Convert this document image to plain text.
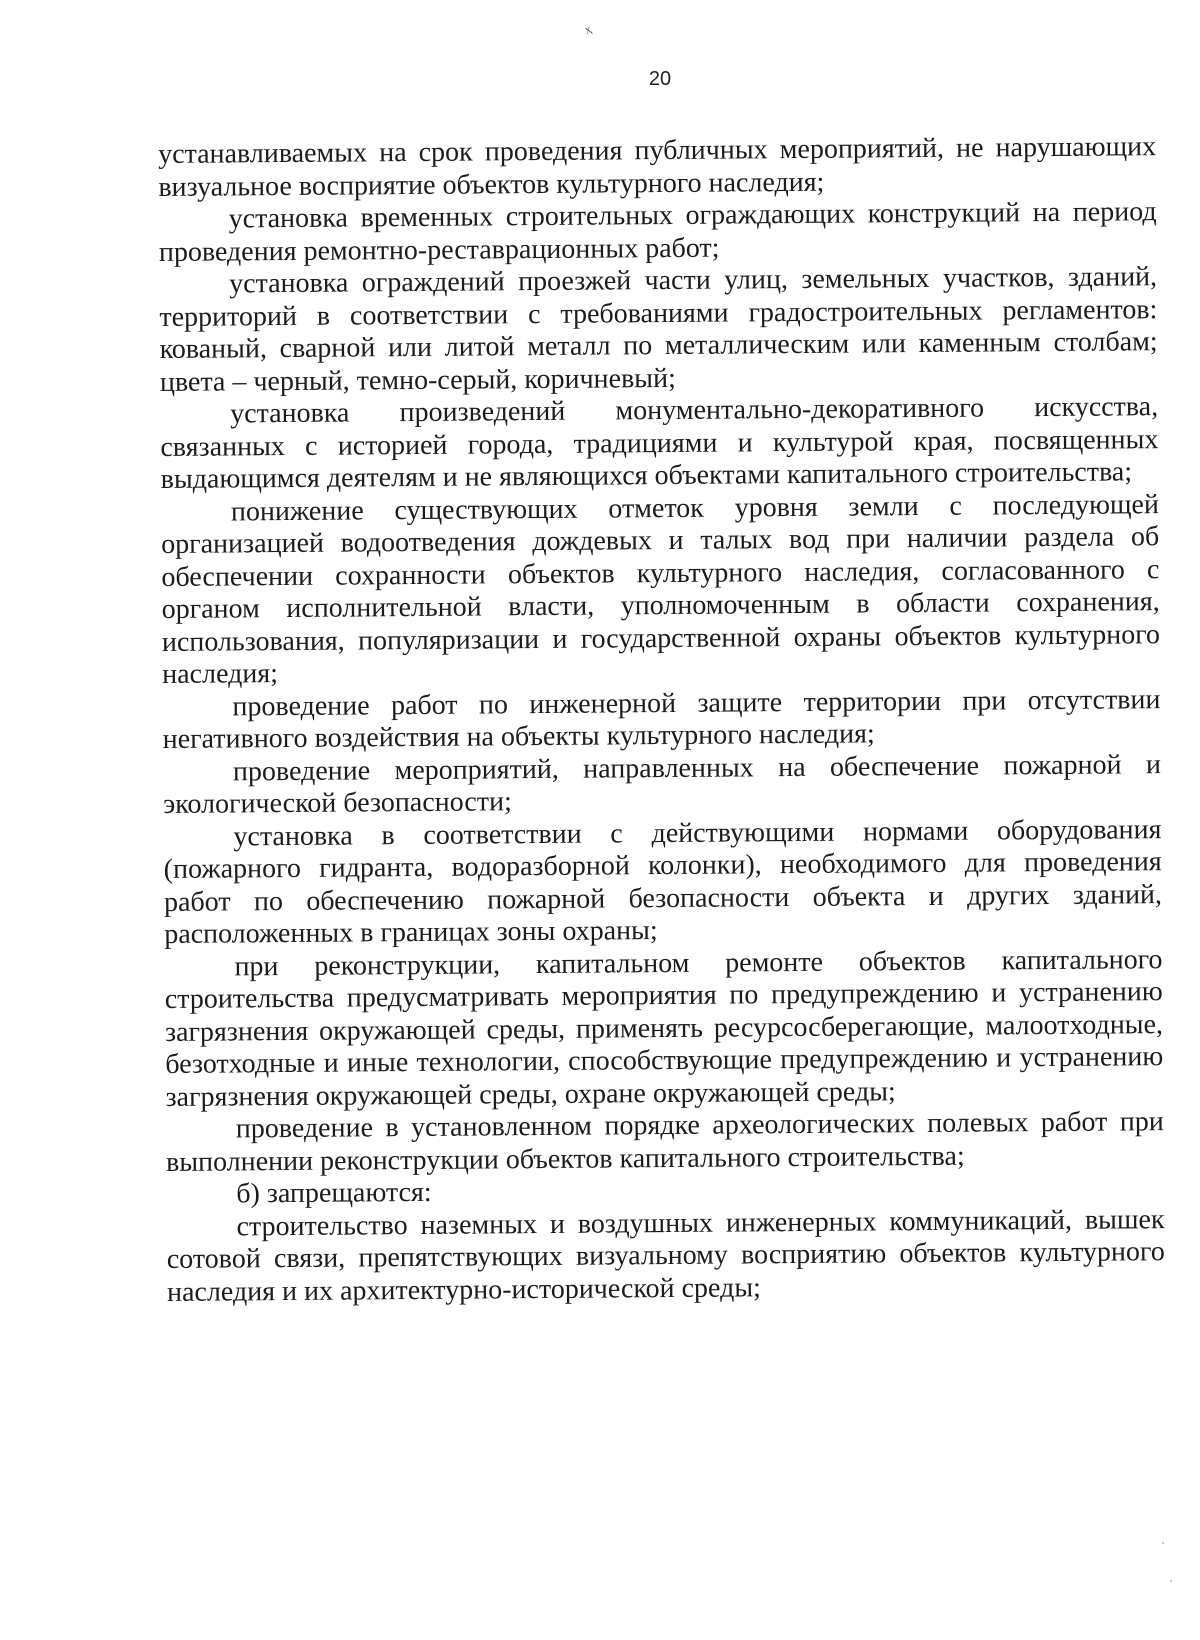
ҳ
20

устанавливаемых на срок проведения публичных мероприятий, не нарушающих визуальное восприятие объектов культурного наследия;

установка временных строительных ограждающих конструкций на период проведения ремонтно-реставрационных работ;

установка ограждений проезжей части улиц, земельных участков, зданий, территорий в соответствии с требованиями градостроительных регламентов: кованый, сварной или литой металл по металлическим или каменным столбам; цвета – черный, темно-серый, коричневый;

установка произведений монументально-декоративного искусства, связанных с историей города, традициями и культурой края, посвященных выдающимся деятелям и не являющихся объектами капитального строительства;

понижение существующих отметок уровня земли с последующей организацией водоотведения дождевых и талых вод при наличии раздела об обеспечении сохранности объектов культурного наследия, согласованного с органом исполнительной власти, уполномоченным в области сохранения, использования, популяризации и государственной охраны объектов культурного наследия;

проведение работ по инженерной защите территории при отсутствии негативного воздействия на объекты культурного наследия;

проведение мероприятий, направленных на обеспечение пожарной и экологической безопасности;

установка в соответствии с действующими нормами оборудования (пожарного гидранта, водоразборной колонки), необходимого для проведения работ по обеспечению пожарной безопасности объекта и других зданий, расположенных в границах зоны охраны;

при реконструкции, капитальном ремонте объектов капитального строительства предусматривать мероприятия по предупреждению и устранению загрязнения окружающей среды, применять ресурсосберегающие, малоотходные, безотходные и иные технологии, способствующие предупреждению и устранению загрязнения окружающей среды, охране окружающей среды;

проведение в установленном порядке археологических полевых работ при выполнении реконструкции объектов капитального строительства;

б) запрещаются:

строительство наземных и воздушных инженерных коммуникаций, вышек сотовой связи, препятствующих визуальному восприятию объектов культурного наследия и их архитектурно-исторической среды;
